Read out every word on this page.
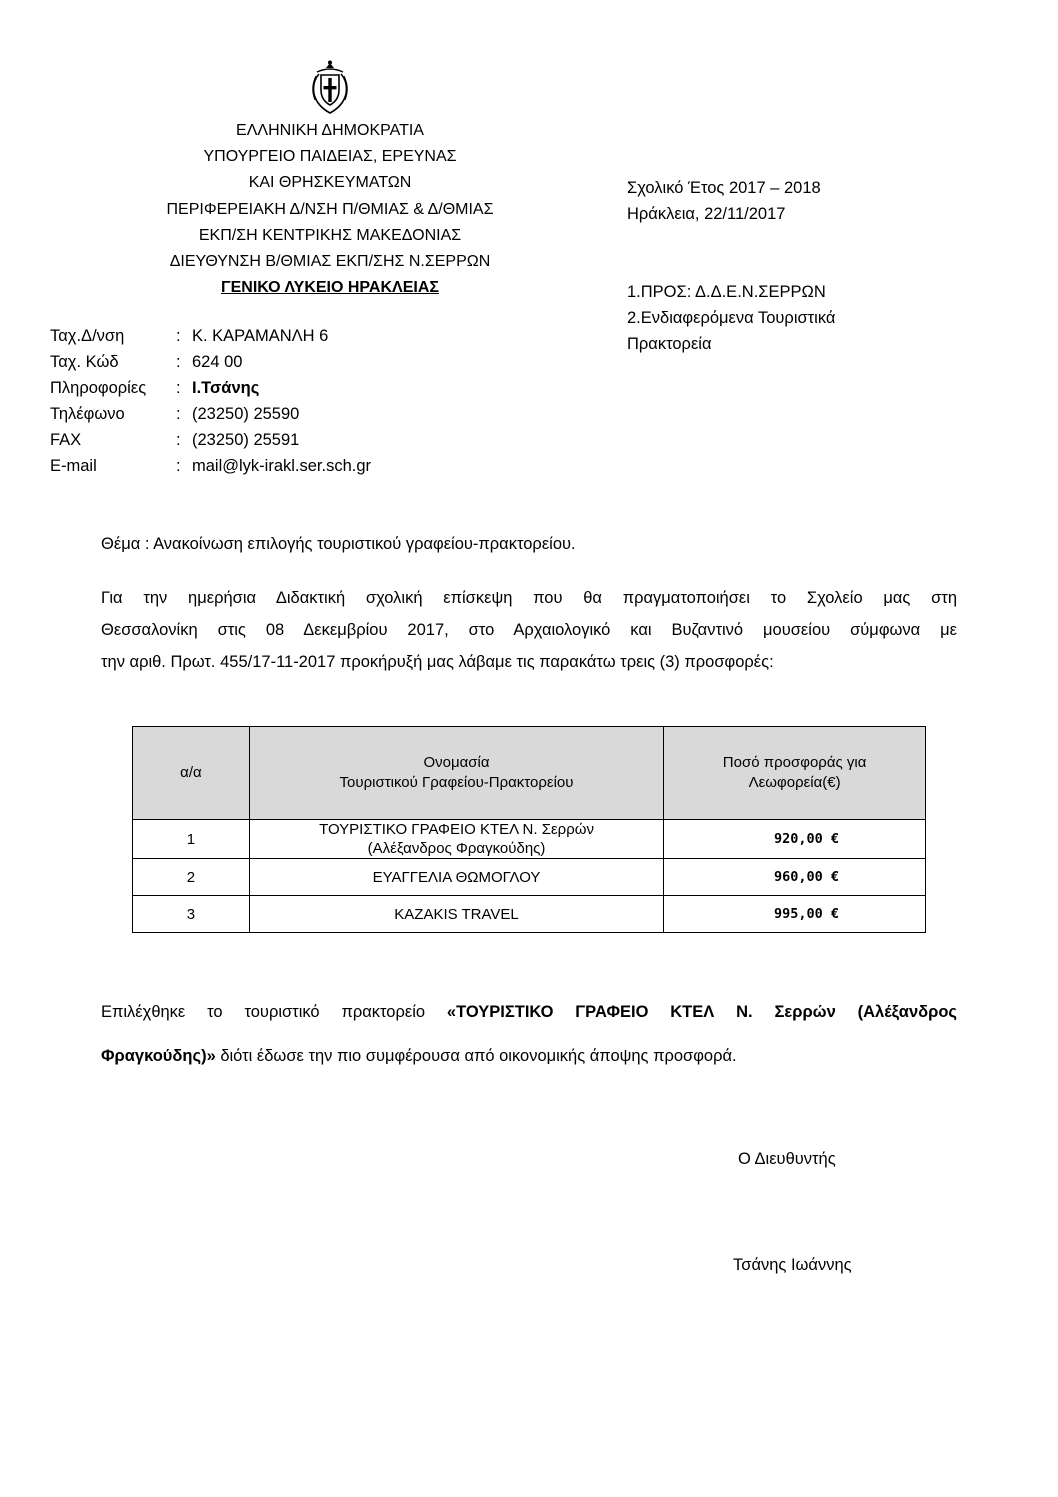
ΕΛΛΗΝΙΚΗ ΔΗΜΟΚΡΑΤΙΑ
ΥΠΟΥΡΓΕΙΟ ΠΑΙΔΕΙΑΣ, ΕΡΕΥΝΑΣ
ΚΑΙ ΘΡΗΣΚΕΥΜΑΤΩΝ
ΠΕΡΙΦΕΡΕΙΑΚΗ Δ/ΝΣΗ Π/ΘΜΙΑΣ & Δ/ΘΜΙΑΣ
ΕΚΠ/ΣΗ ΚΕΝΤΡΙΚΗΣ ΜΑΚΕΔΟΝΙΑΣ
ΔΙΕΥΘΥΝΣΗ Β/ΘΜΙΑΣ ΕΚΠ/ΣΗΣ Ν.ΣΕΡΡΩΝ
ΓΕΝΙΚΟ ΛΥΚΕΙΟ ΗΡΑΚΛΕΙΑΣ
Σχολικό Έτος 2017 – 2018
Ηράκλεια, 22/11/2017
1.ΠΡΟΣ: Δ.Δ.Ε.Ν.ΣΕΡΡΩΝ
2.Ενδιαφερόμενα Τουριστικά
Πρακτορεία
Ταχ.Δ/νση	: Κ. ΚΑΡΑΜΑΝΛΗ 6
Ταχ. Κώδ	: 624 00
Πληροφορίες : Ι.Τσάνης
Τηλέφωνο	: (23250) 25590
FAX	: (23250) 25591
E-mail	: mail@lyk-irakl.ser.sch.gr
Θέμα : Ανακοίνωση επιλογής τουριστικού γραφείου-πρακτορείου.
Για την ημερήσια Διδακτική σχολική επίσκεψη που θα πραγματοποιήσει το Σχολείο μας στη
Θεσσαλονίκη στις 08 Δεκεμβρίου 2017, στο Αρχαιολογικό και Βυζαντινό μουσείου σύμφωνα με
την αριθ. Πρωτ. 455/17-11-2017 προκήρυξή μας λάβαμε τις παρακάτω τρεις (3) προσφορές:
α/α	Ονομασία
Τουριστικού Γραφείου-Πρακτορείου	Ποσό προσφοράς για
Λεωφορεία(€)
1	ΤΟΥΡΙΣΤΙΚΟ ΓΡΑΦΕΙΟ ΚΤΕΛ Ν. Σερρών
(Αλέξανδρος Φραγκούδης)	920,00 €
2	ΕΥΑΓΓΕΛΙΑ ΘΩΜΟΓΛΟΥ	960,00 €
3	KAZAKIS TRAVEL	995,00 €
Επιλέχθηκε το τουριστικό πρακτορείο «ΤΟΥΡΙΣΤΙΚΟ ΓΡΑΦΕΙΟ ΚΤΕΛ Ν. Σερρών (Αλέξανδρος
Φραγκούδης)» διότι έδωσε την πιο συμφέρουσα από οικονομικής άποψης προσφορά.
Ο Διευθυντής
Τσάνης Ιωάννης
